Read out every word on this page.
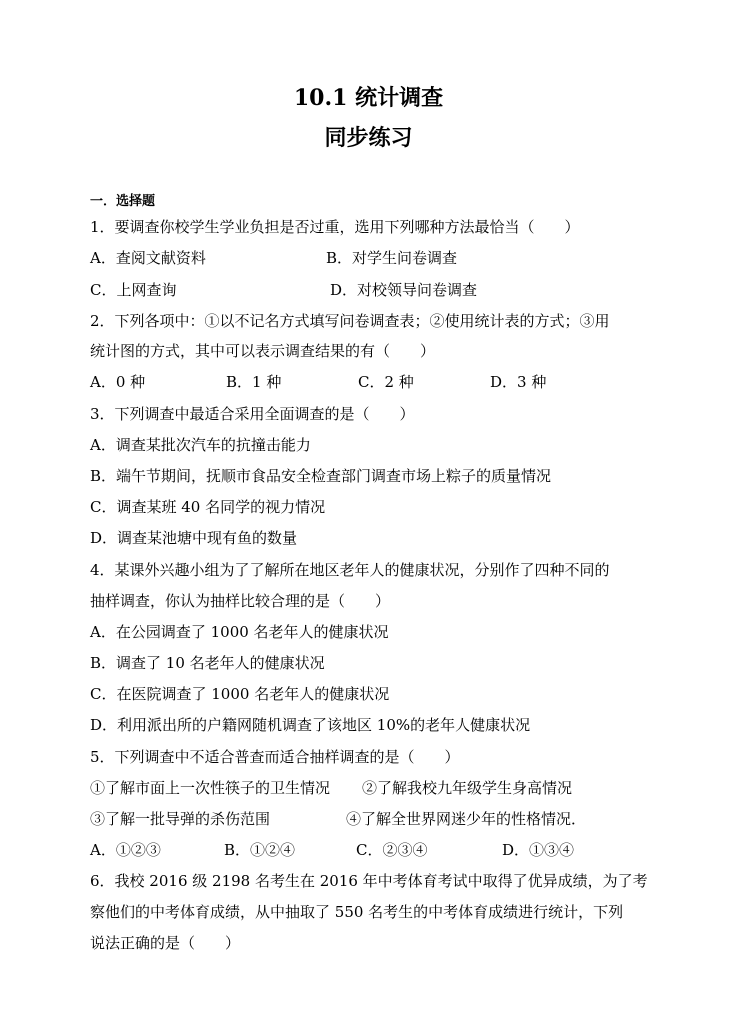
10.1 统计调查
同步练习
一．选择题
1．要调查你校学生学业负担是否过重，选用下列哪种方法最恰当（　　）
A．查阅文献资料	B．对学生问卷调查
C．上网查询	D．对校领导问卷调查
2．下列各项中：①以不记名方式填写问卷调查表；②使用统计表的方式；③用
统计图的方式，其中可以表示调查结果的有（　　）
A．0 种	B．1 种	C．2 种	D．3 种
3．下列调查中最适合采用全面调查的是（　　）
A．调查某批次汽车的抗撞击能力
B．端午节期间，抚顺市食品安全检查部门调查市场上粽子的质量情况
C．调查某班 40 名同学的视力情况
D．调查某池塘中现有鱼的数量
4．某课外兴趣小组为了了解所在地区老年人的健康状况，分别作了四种不同的
抽样调查，你认为抽样比较合理的是（　　）
A．在公园调查了 1000 名老年人的健康状况
B．调查了 10 名老年人的健康状况
C．在医院调查了 1000 名老年人的健康状况
D．利用派出所的户籍网随机调查了该地区 10%的老年人健康状况
5．下列调查中不适合普查而适合抽样调查的是（　　）
①了解市面上一次性筷子的卫生情况 ②了解我校九年级学生身高情况
③了解一批导弹的杀伤范围	④了解全世界网迷少年的性格情况．
A．①②③	B．①②④	C．②③④	D．①③④
6．我校 2016 级 2198 名考生在 2016 年中考体育考试中取得了优异成绩，为了考
察他们的中考体育成绩，从中抽取了 550 名考生的中考体育成绩进行统计，下列
说法正确的是（　　）
